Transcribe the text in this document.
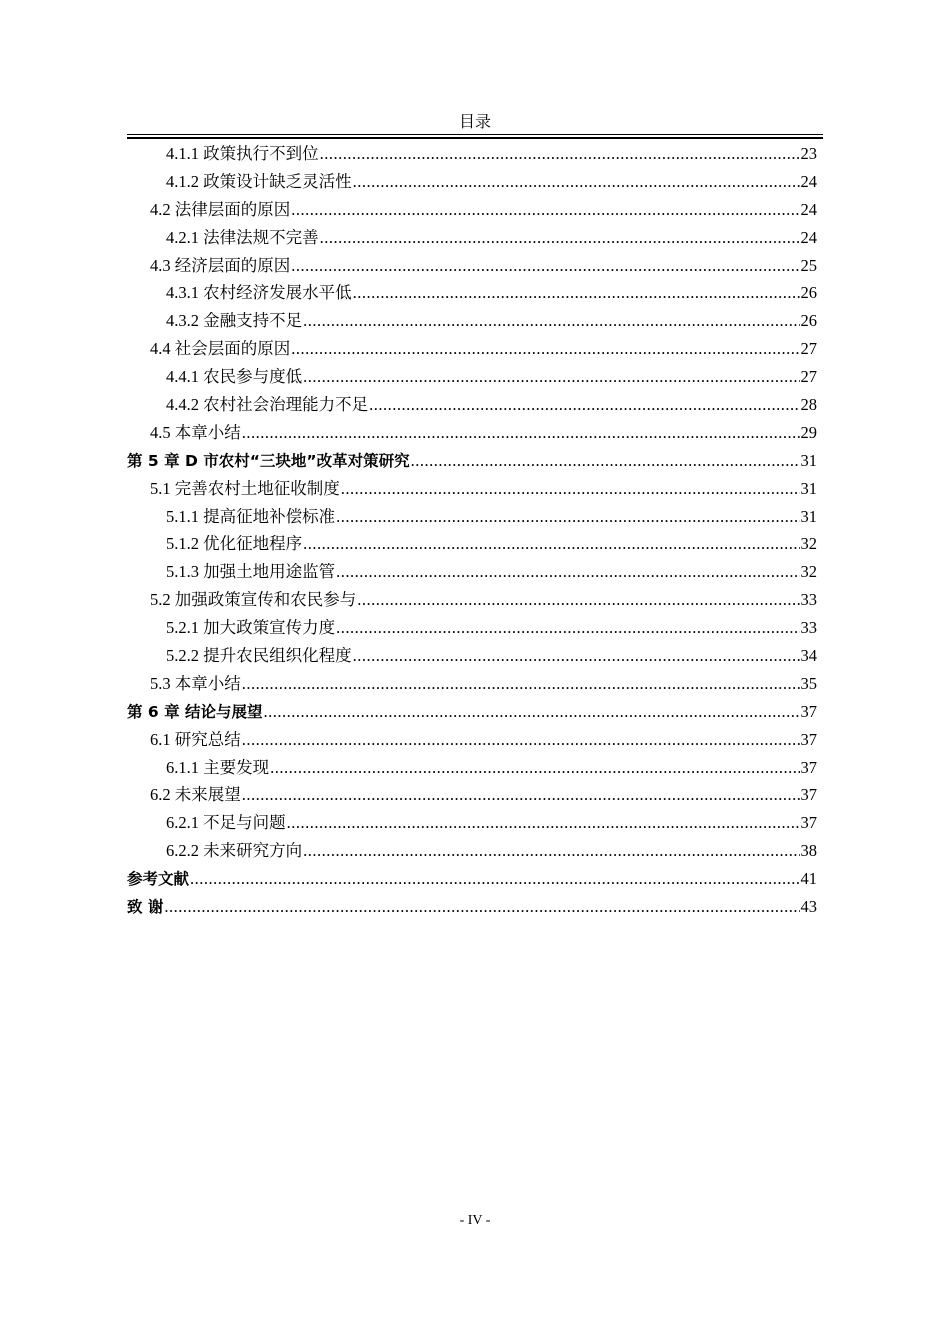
目录
4.1.1 政策执行不到位 .....	23
4.1.2 政策设计缺乏灵活性 .....	24
4.2 法律层面的原因 .....	24
4.2.1 法律法规不完善 .....	24
4.3 经济层面的原因 .....	25
4.3.1 农村经济发展水平低 .....	26
4.3.2 金融支持不足 .....	26
4.4 社会层面的原因 .....	27
4.4.1 农民参与度低 .....	27
4.4.2 农村社会治理能力不足 .....	28
4.5 本章小结 .....	29
第 5 章 D 市农村“三块地”改革对策研究 .....	31
5.1 完善农村土地征收制度 .....	31
5.1.1 提高征地补偿标准 .....	31
5.1.2 优化征地程序 .....	32
5.1.3 加强土地用途监管 .....	32
5.2 加强政策宣传和农民参与 .....	33
5.2.1 加大政策宣传力度 .....	33
5.2.2 提升农民组织化程度 .....	34
5.3 本章小结 .....	35
第 6 章 结论与展望 .....	37
6.1 研究总结 .....	37
6.1.1 主要发现 .....	37
6.2 未来展望 .....	37
6.2.1 不足与问题 .....	37
6.2.2 未来研究方向 .....	38
参考文献 .....	41
致 谢 .....	43
- IV -
